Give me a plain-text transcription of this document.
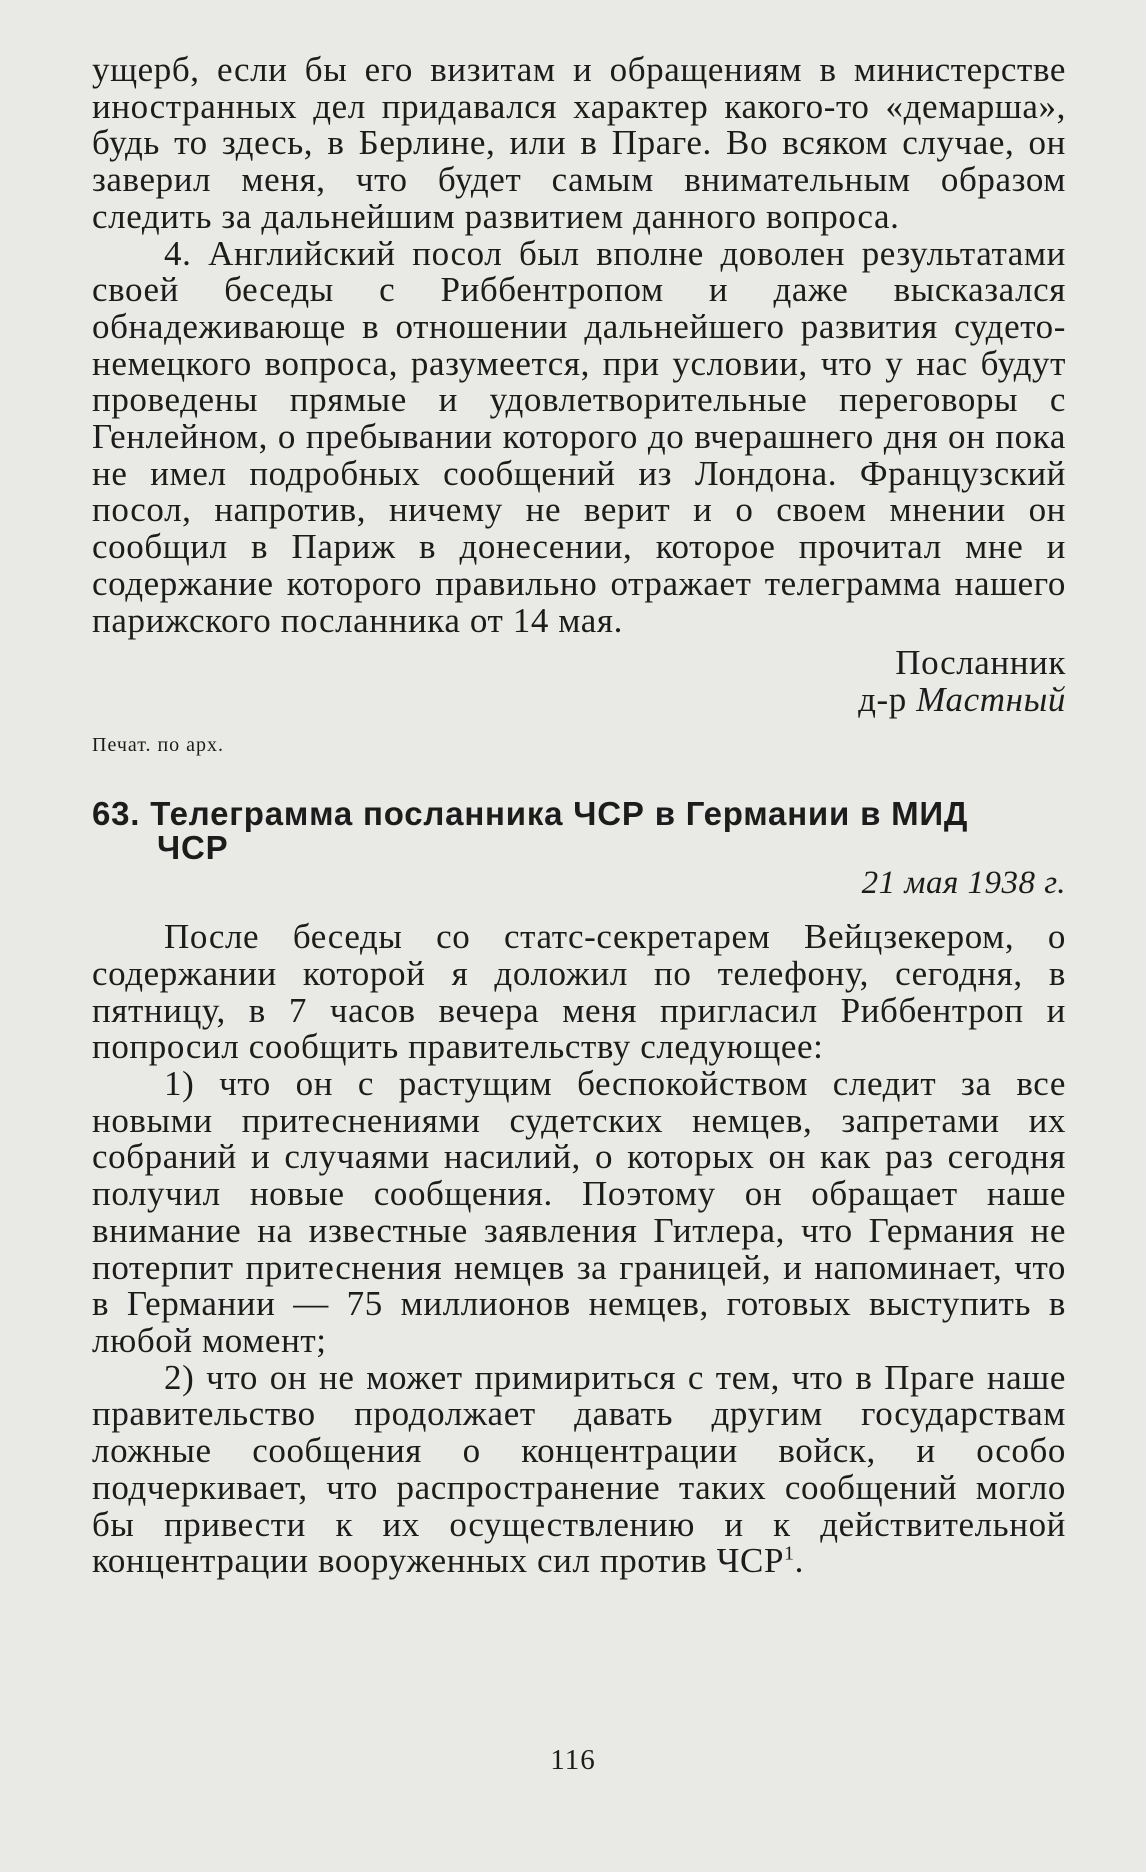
ущерб, если бы его визитам и обращениям в министерстве иностранных дел придавался характер какого-то «демарша», будь то здесь, в Берлине, или в Праге. Во всяком случае, он заверил меня, что будет самым внимательным образом следить за дальнейшим развитием данного вопроса.

4. Английский посол был вполне доволен результатами своей беседы с Риббентропом и даже высказался обнадеживающе в отношении дальнейшего развития судето-немецкого вопроса, разумеется, при условии, что у нас будут проведены прямые и удовлетворительные переговоры с Генлейном, о пребывании которого до вчерашнего дня он пока не имел подробных сообщений из Лондона. Французский посол, напротив, ничему не верит и о своем мнении он сообщил в Париж в донесении, которое прочитал мне и содержание которого правильно отражает телеграмма нашего парижского посланника от 14 мая.

Посланник
д-р Мастный
Печат. по арх.
63. Телеграмма посланника ЧСР в Германии в МИД
ЧСР
21 мая 1938 г.

После беседы со статс-секретарем Вейцзекером, о содержании которой я доложил по телефону, сегодня, в пятницу, в 7 часов вечера меня пригласил Риббентроп и попросил сообщить правительству следующее:

1) что он с растущим беспокойством следит за все новыми притеснениями судетских немцев, запретами их собраний и случаями насилий, о которых он как раз сегодня получил новые сообщения. Поэтому он обращает наше внимание на известные заявления Гитлера, что Германия не потерпит притеснения немцев за границей, и напоминает, что в Германии — 75 миллионов немцев, готовых выступить в любой момент;

2) что он не может примириться с тем, что в Праге наше правительство продолжает давать другим государствам ложные сообщения о концентрации войск, и особо подчеркивает, что распространение таких сообщений могло бы привести к их осуществлению и к действительной концентрации вооруженных сил против ЧСР$^1$.

116
